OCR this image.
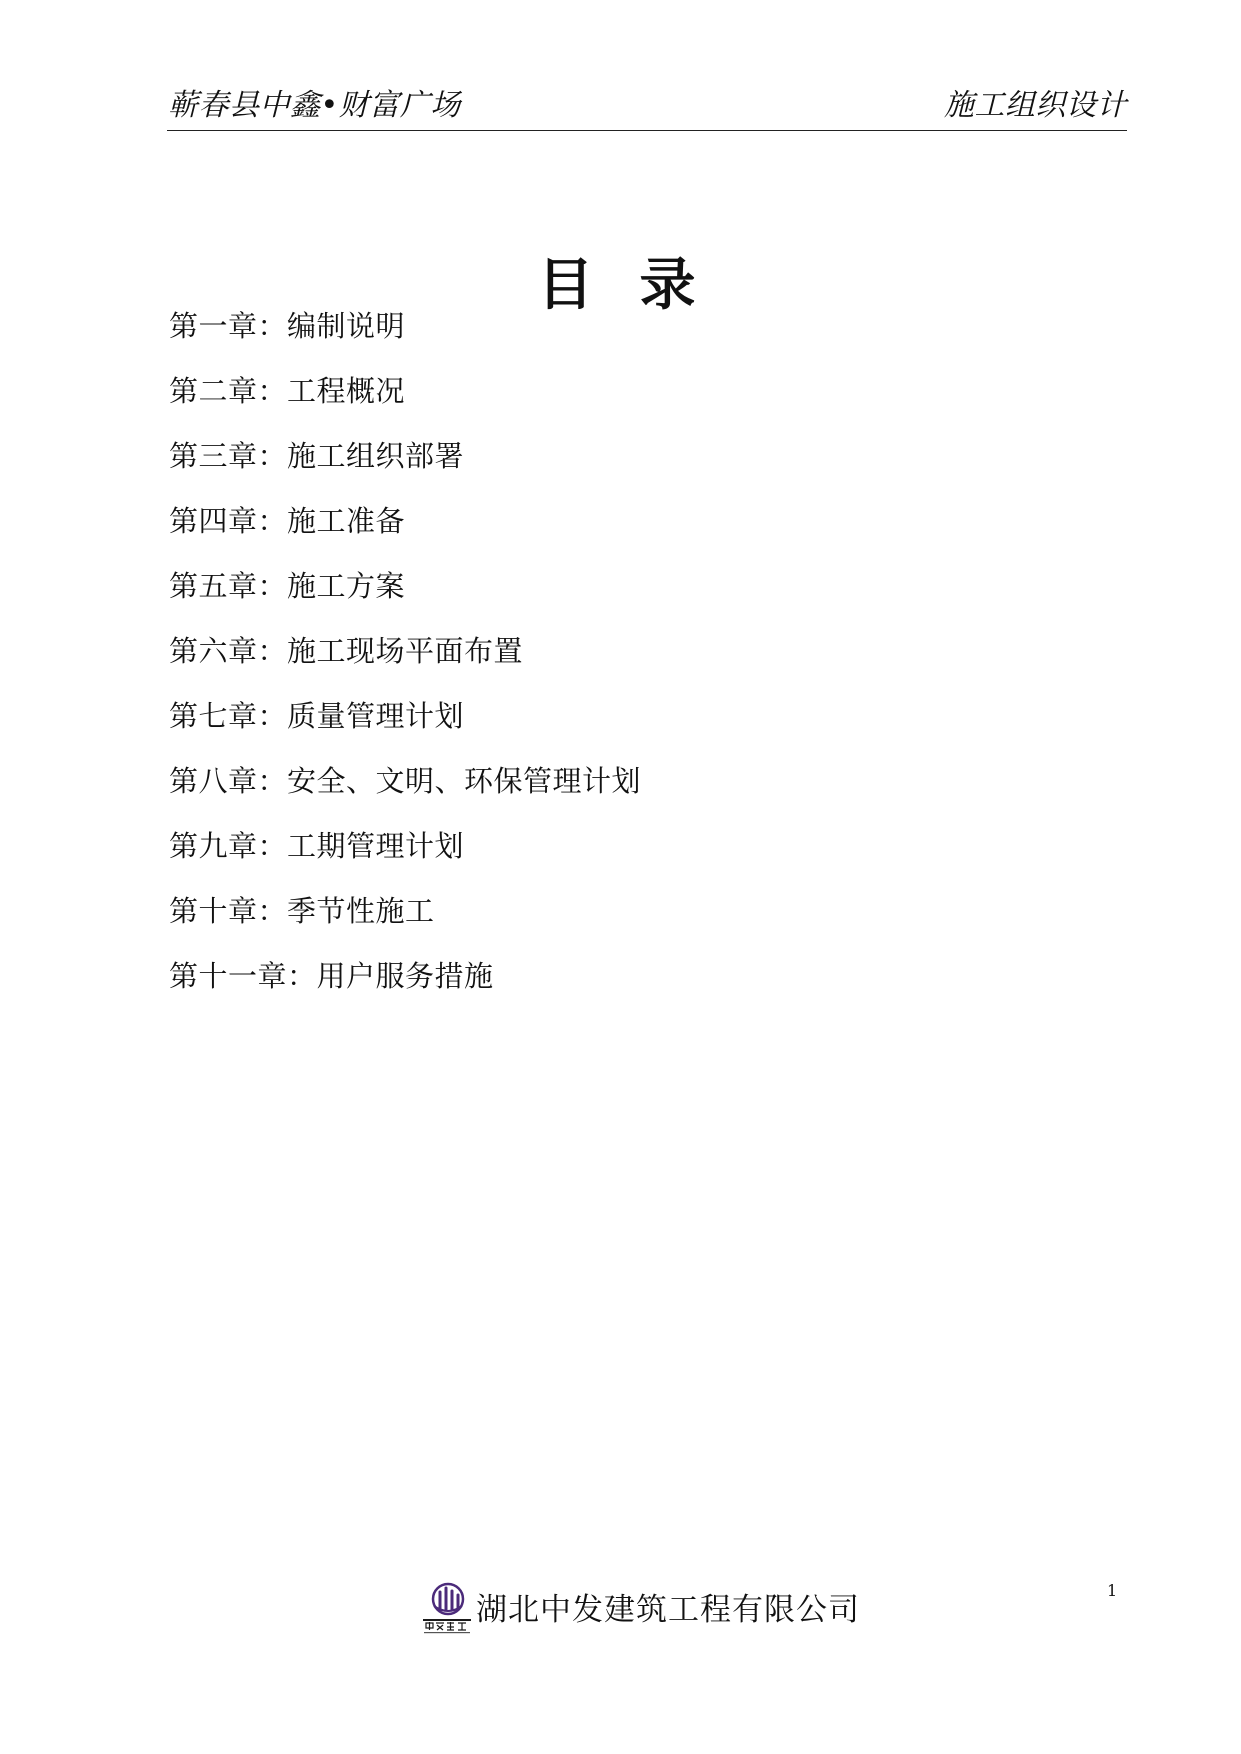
蕲春县中鑫•财富广场	施工组织设计
目 录
第一章：编制说明
第二章：工程概况
第三章：施工组织部署
第四章：施工准备
第五章：施工方案
第六章：施工现场平面布置
第七章：质量管理计划
第八章：安全、文明、环保管理计划
第九章：工期管理计划
第十章：季节性施工
第十一章：用户服务措施
湖北中发建筑工程有限公司
1
